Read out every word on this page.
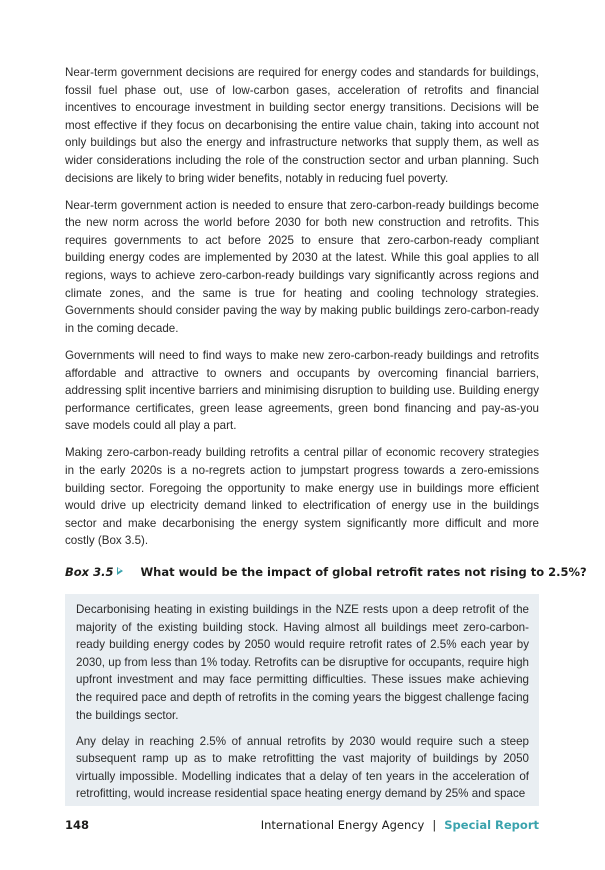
Near-term government decisions are required for energy codes and standards for buildings, fossil fuel phase out, use of low-carbon gases, acceleration of retrofits and financial incentives to encourage investment in building sector energy transitions. Decisions will be most effective if they focus on decarbonising the entire value chain, taking into account not only buildings but also the energy and infrastructure networks that supply them, as well as wider considerations including the role of the construction sector and urban planning. Such decisions are likely to bring wider benefits, notably in reducing fuel poverty.

Near-term government action is needed to ensure that zero-carbon-ready buildings become the new norm across the world before 2030 for both new construction and retrofits. This requires governments to act before 2025 to ensure that zero-carbon-ready compliant building energy codes are implemented by 2030 at the latest. While this goal applies to all regions, ways to achieve zero-carbon-ready buildings vary significantly across regions and climate zones, and the same is true for heating and cooling technology strategies. Governments should consider paving the way by making public buildings zero-carbon-ready in the coming decade.

Governments will need to find ways to make new zero-carbon-ready buildings and retrofits affordable and attractive to owners and occupants by overcoming financial barriers, addressing split incentive barriers and minimising disruption to building use. Building energy performance certificates, green lease agreements, green bond financing and pay-as-you save models could all play a part.

Making zero-carbon-ready building retrofits a central pillar of economic recovery strategies in the early 2020s is a no-regrets action to jumpstart progress towards a zero-emissions building sector. Foregoing the opportunity to make energy use in buildings more efficient would drive up electricity demand linked to electrification of energy use in the buildings sector and make decarbonising the energy system significantly more difficult and more costly (Box 3.5).

Box 3.5 What would be the impact of global retrofit rates not rising to 2.5%?

Decarbonising heating in existing buildings in the NZE rests upon a deep retrofit of the majority of the existing building stock. Having almost all buildings meet zero-carbon-ready building energy codes by 2050 would require retrofit rates of 2.5% each year by 2030, up from less than 1% today. Retrofits can be disruptive for occupants, require high upfront investment and may face permitting difficulties. These issues make achieving the required pace and depth of retrofits in the coming years the biggest challenge facing the buildings sector.

Any delay in reaching 2.5% of annual retrofits by 2030 would require such a steep subsequent ramp up as to make retrofitting the vast majority of buildings by 2050 virtually impossible. Modelling indicates that a delay of ten years in the acceleration of retrofitting, would increase residential space heating energy demand by 25% and space

148	International Energy Agency | Special Report
